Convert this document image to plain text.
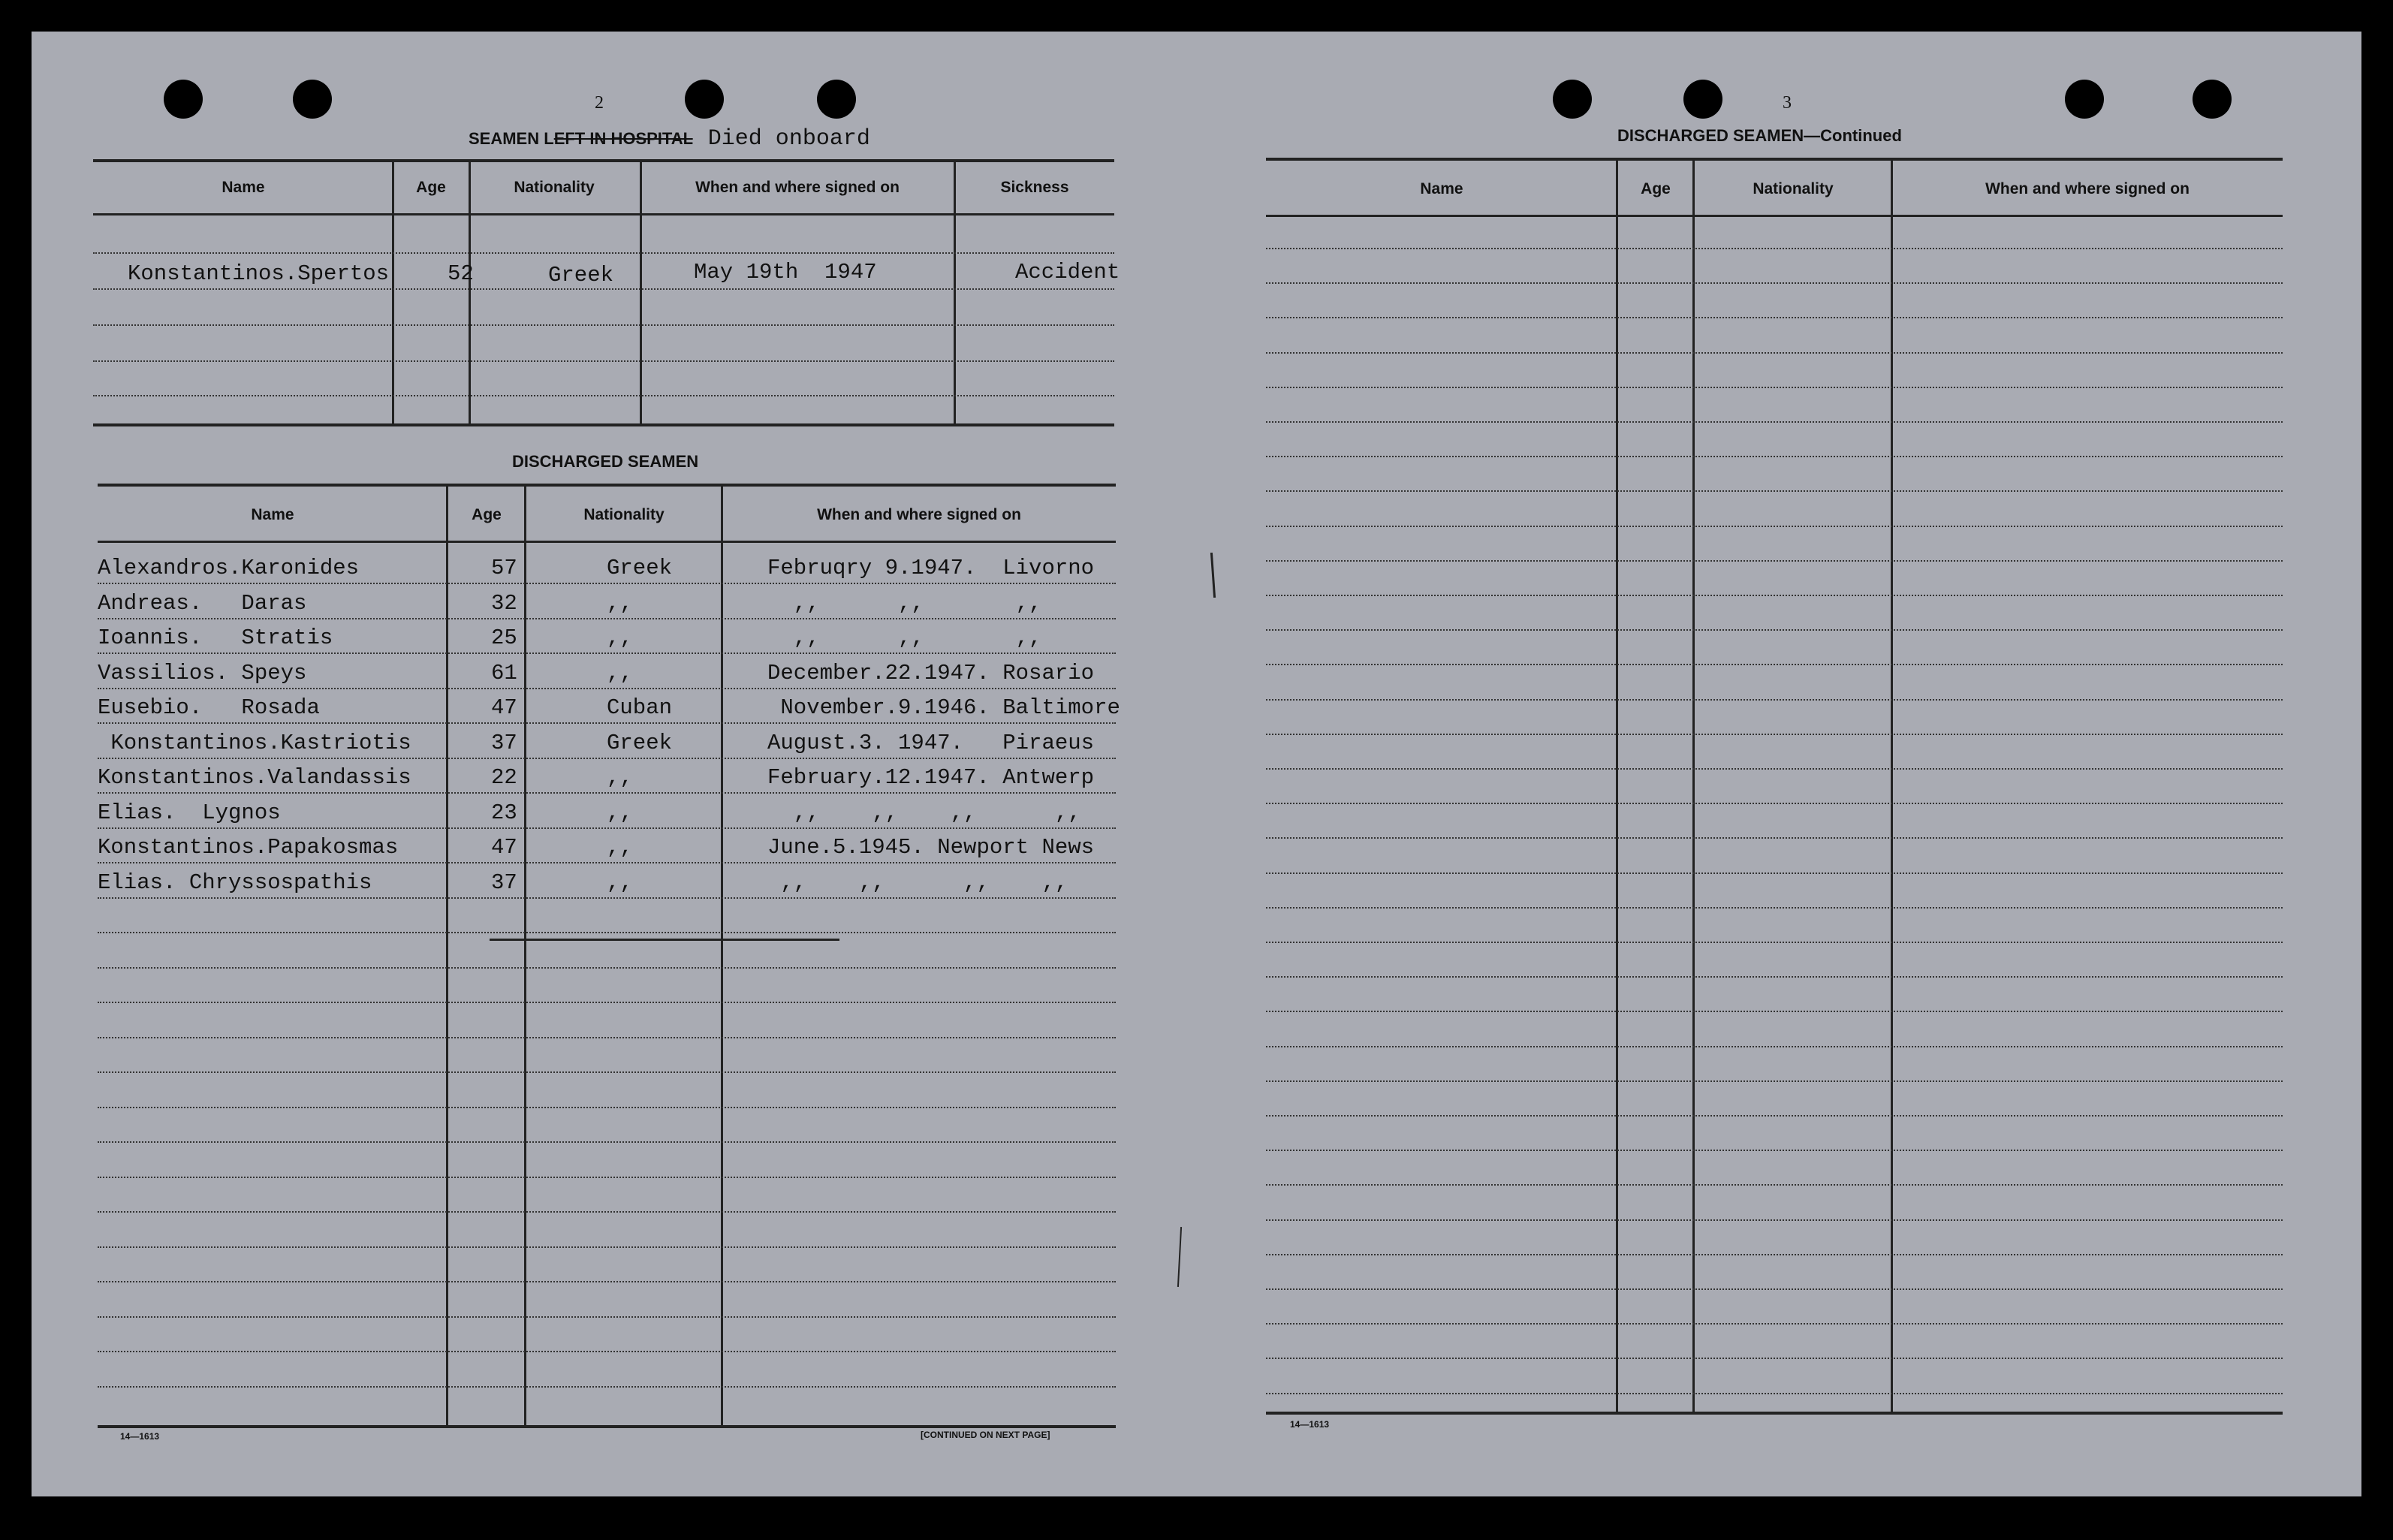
2
SEAMEN LEFT IN HOSPITAL Died onboard
Name	Age	Nationality	When and where signed on	Sickness
Konstantinos.Spertos	52	Greek	May 19th  1947	Accident
DISCHARGED SEAMEN
Name	Age	Nationality	When and where signed on
Alexandros.Karonides	57	Greek	Februqry 9.1947.  Livorno
Andreas.   Daras	32	,,	,,      ,,       ,,
Ioannis.   Stratis	25	,,	,,      ,,       ,,
Vassilios. Speys	61	,,	December.22.1947. Rosario
Eusebio.   Rosada	47	Cuban	November.9.1946. Baltimore
Konstantinos.Kastriotis	37	Greek	August.3. 1947.   Piraeus
Konstantinos.Valandassis	22	,,	February.12.1947. Antwerp
Elias.  Lygnos	23	,,	,,    ,,    ,,      ,,
Konstantinos.Papakosmas	47	,,	June.5.1945. Newport News
Elias. Chryssospathis	37	,,	,,    ,,      ,,    ,,
14—1613	[CONTINUED ON NEXT PAGE]
3
DISCHARGED SEAMEN—Continued
Name	Age	Nationality	When and where signed on
14—1613
